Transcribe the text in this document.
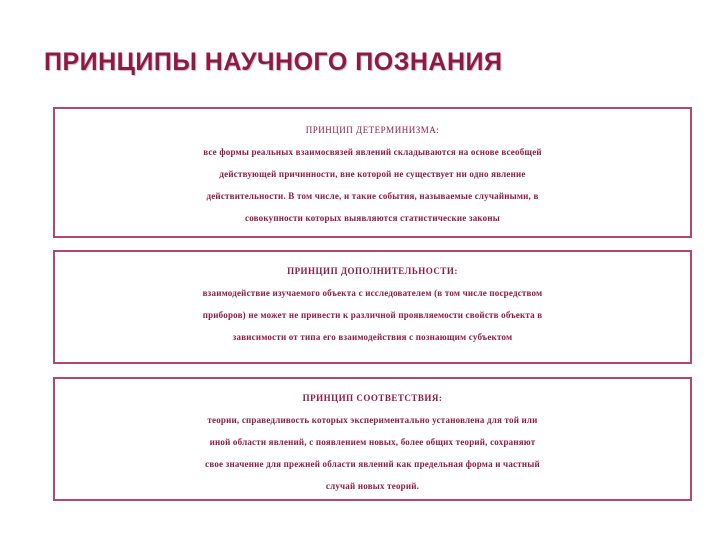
ПРИНЦИПЫ НАУЧНОГО ПОЗНАНИЯ
ПРИНЦИП ДЕТЕРМИНИЗМА:
все формы реальных взаимосвязей явлений складываются на основе всеобщей
действующей причинности, вне которой не существует ни одно явление
действительности. В том числе, и такие события, называемые случайными, в
совокупности которых выявляются статистические законы
ПРИНЦИП ДОПОЛНИТЕЛЬНОСТИ:
взаимодействие изучаемого объекта с исследователем (в том числе посредством
приборов) не может не привести к различной проявляемости свойств объекта в
зависимости от типа его взаимодействия с познающим субъектом
ПРИНЦИП СООТВЕТСТВИЯ:
теории, справедливость которых экспериментально установлена для той или
иной области явлений, с появлением новых, более общих теорий, сохраняют
свое значение для прежней области явлений как предельная форма и частный
случай новых теорий.
